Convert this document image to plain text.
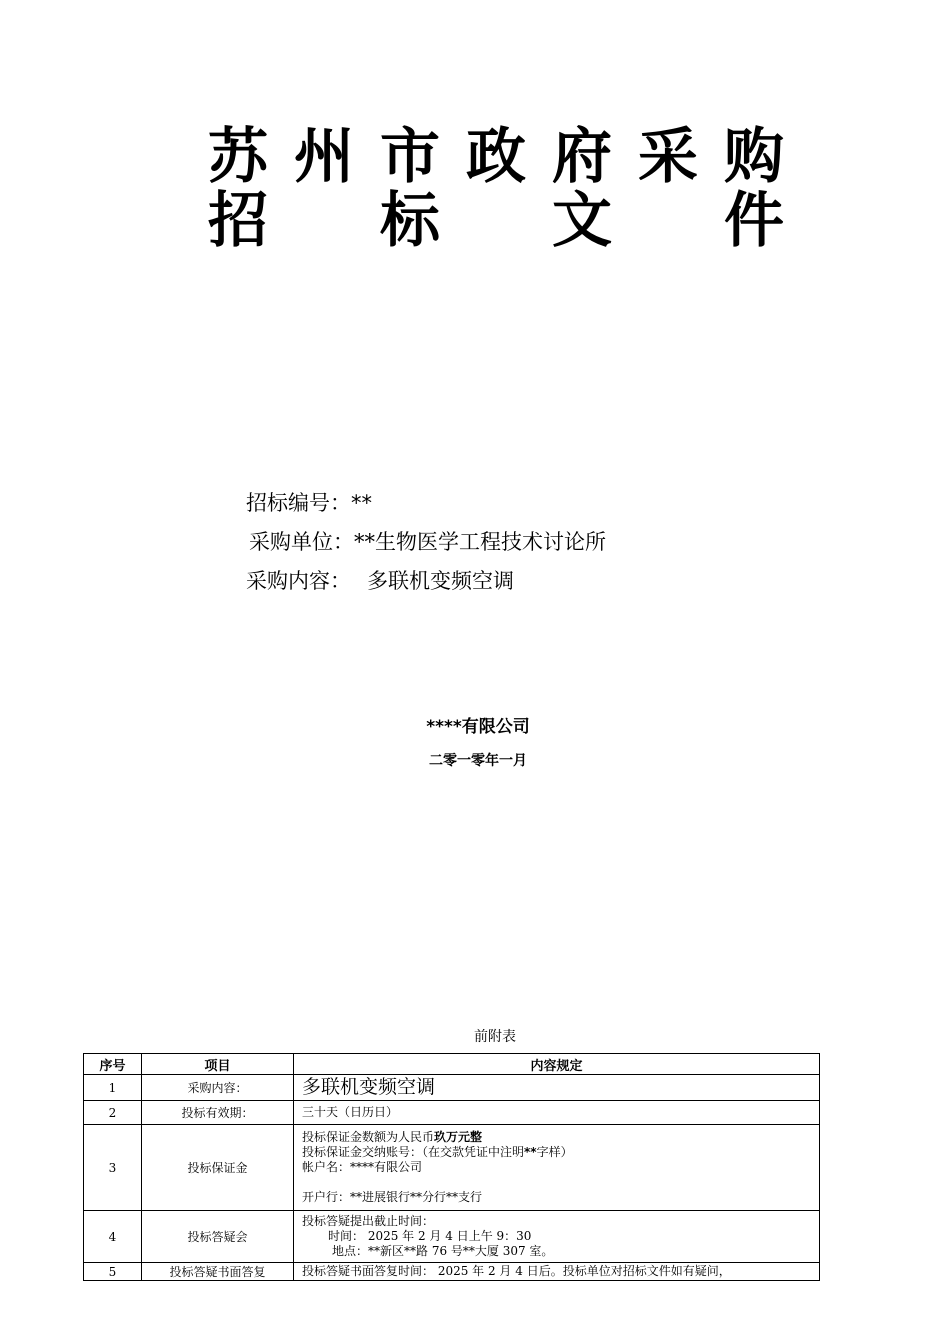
苏 州 市 政 府 采 购
招 标 文 件
招标编号：**
采购单位：**生物医学工程技术讨论所
采购内容： 多联机变频空调
****有限公司
二零一零年一月
前附表
序号	项目	内容规定
1	采购内容：	多联机变频空调
2	投标有效期：	三十天（日历日）
3	投标保证金	投标保证金数额为人民币玖万元整
投标保证金交纳账号：（在交款凭证中注明**字样）
帐户名：****有限公司
开户行：**进展银行**分行**支行

4	投标答疑会	投标答疑提出截止时间：
时间： 2025 年 2 月 4 日上午 9：30
地点：**新区**路 76 号**大厦 307 室。

5	投标答疑书面答复	投标答疑书面答复时间： 2025 年 2 月 4 日后。投标单位对招标文件如有疑问，
